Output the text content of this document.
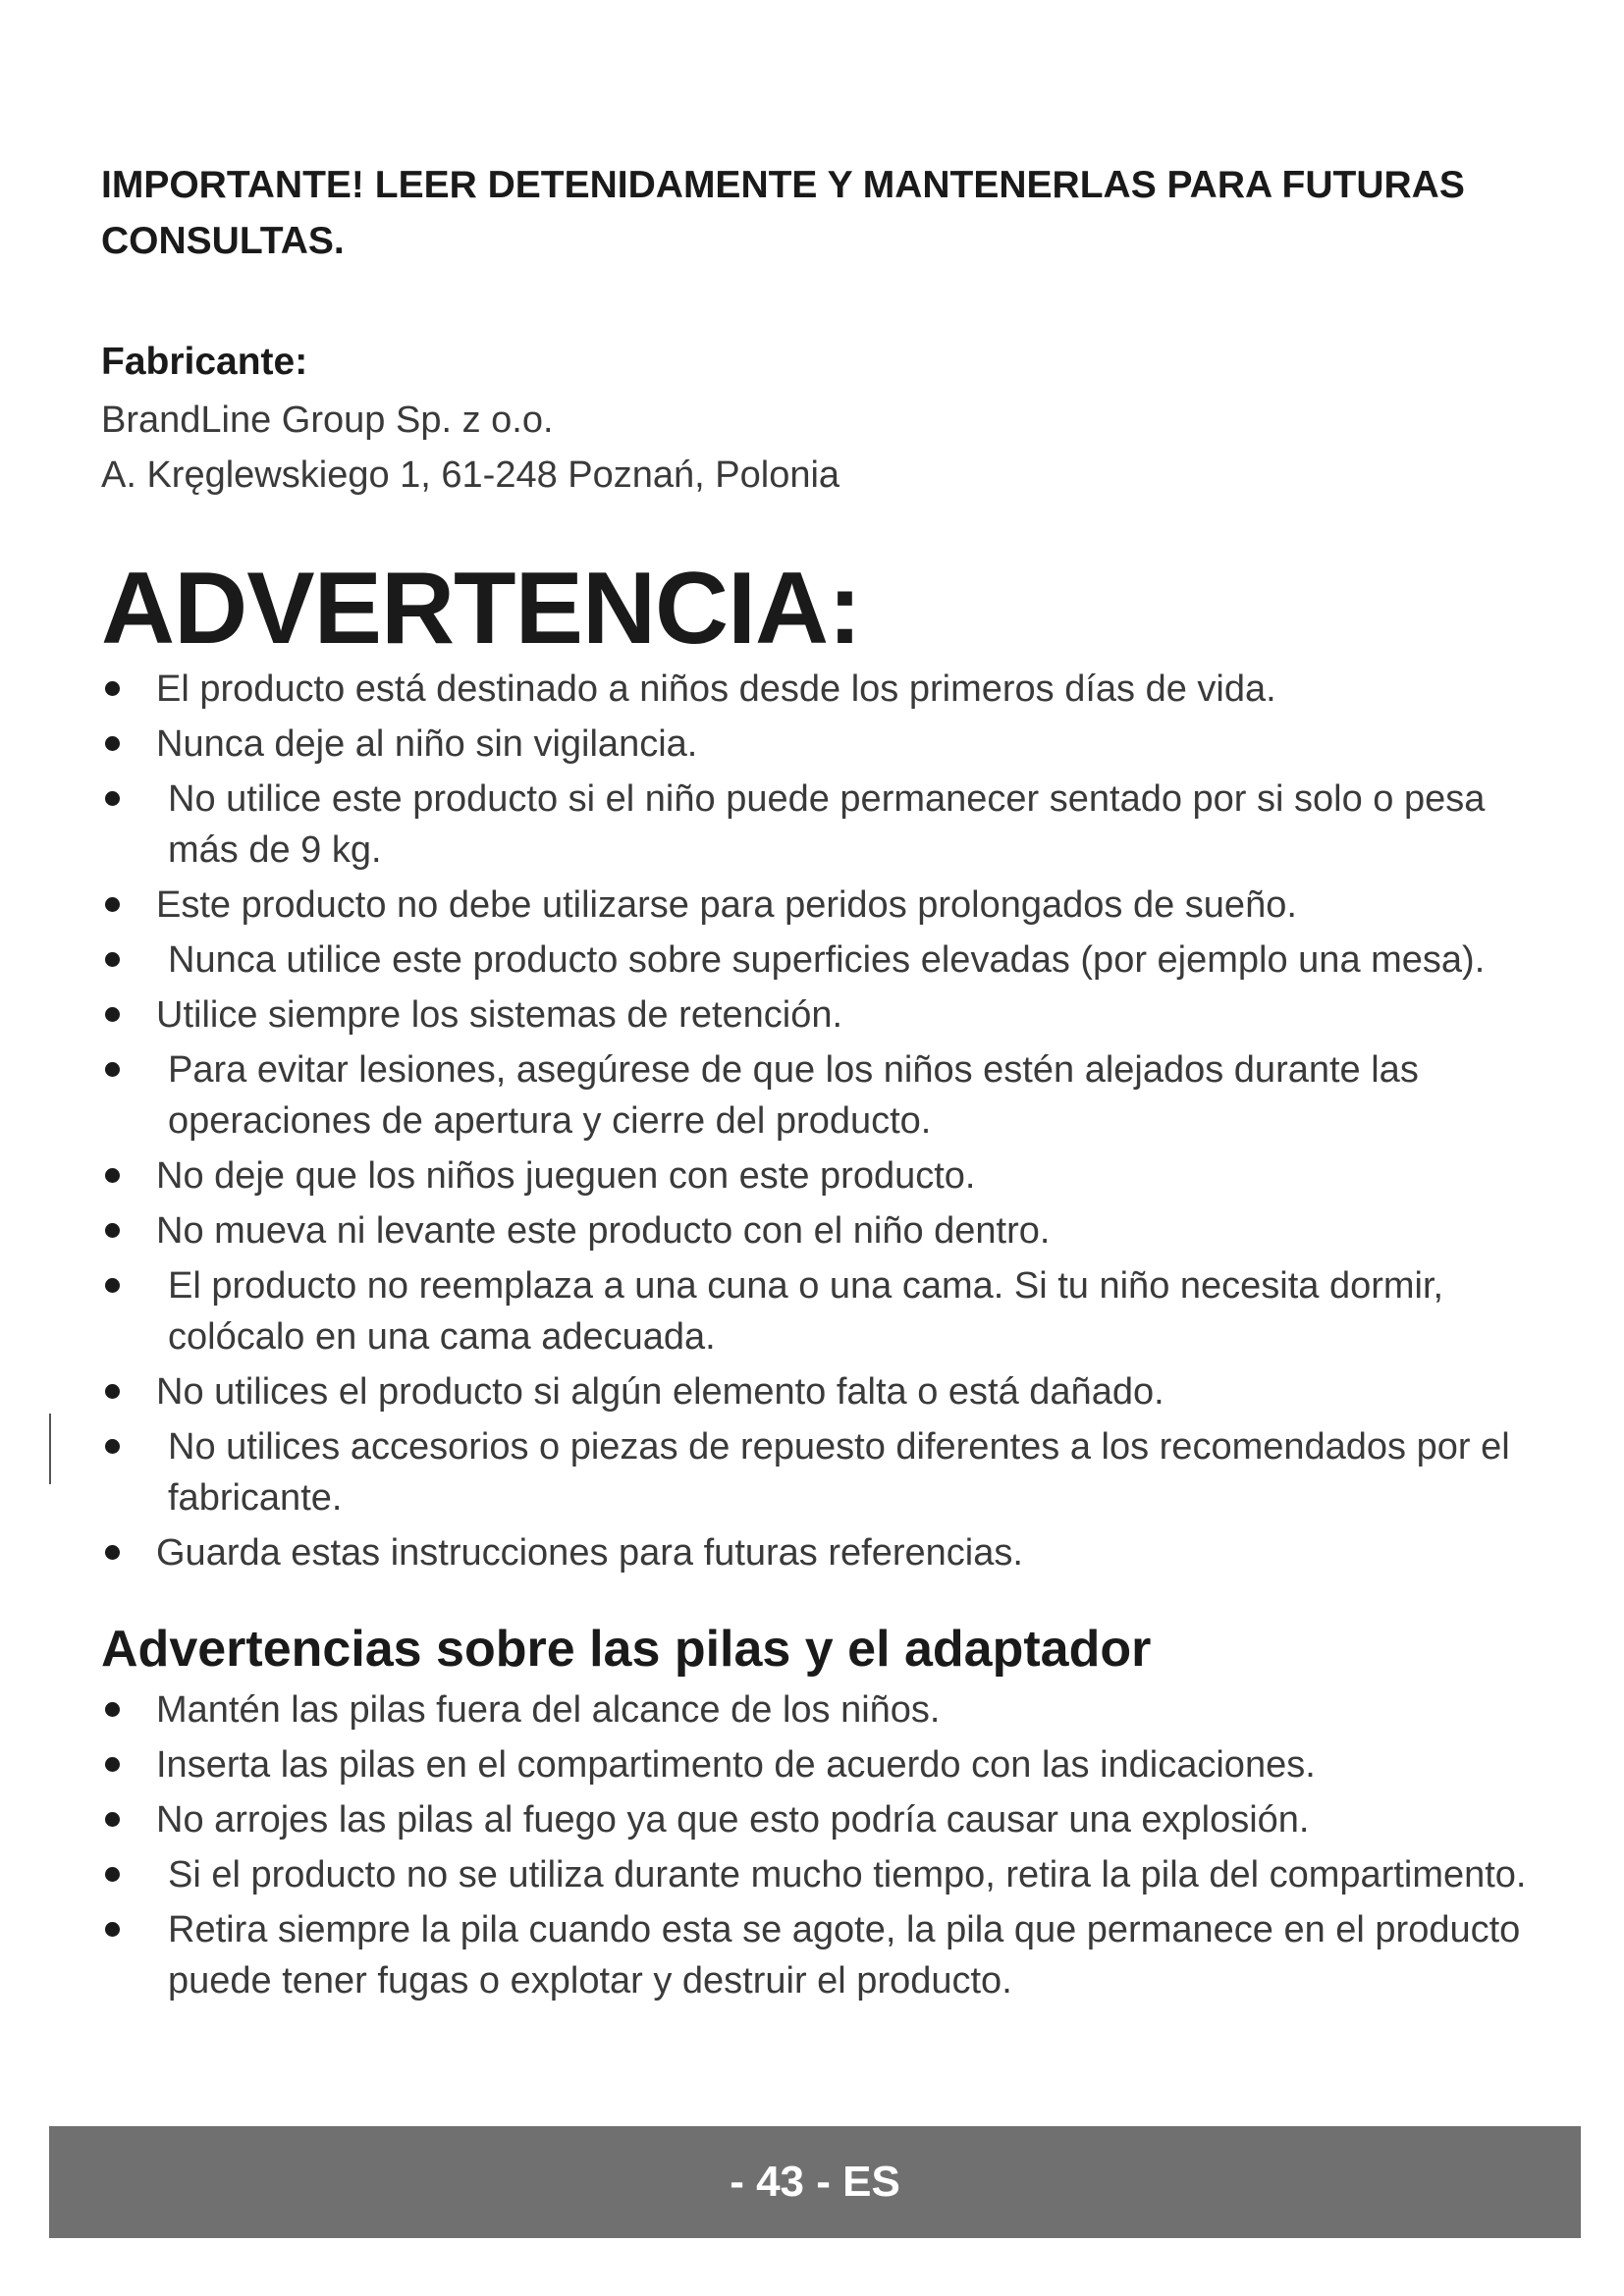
IMPORTANTE! LEER DETENIDAMENTE Y MANTENERLAS PARA FUTURAS CONSULTAS.

Fabricante:

BrandLine Group Sp. z o.o.

A. Kręglewskiego 1, 61-248 Poznań, Polonia

ADVERTENCIA:
El producto está destinado a niños desde los primeros días de vida.
Nunca deje al niño sin vigilancia.
No utilice este producto si el niño puede permanecer sentado por si solo o pesa más de 9 kg.
Este producto no debe utilizarse para peridos prolongados de sueño.
Nunca utilice este producto sobre superficies elevadas (por ejemplo una mesa).
Utilice siempre los sistemas de retención.
Para evitar lesiones, asegúrese de que los niños estén alejados durante las operaciones de apertura y cierre del producto.
No deje que los niños jueguen con este producto.
No mueva ni levante este producto con el niño dentro.
El producto no reemplaza a una cuna o una cama. Si tu niño necesita dormir, colócalo en una cama adecuada.
No utilices el producto si algún elemento falta o está dañado.
No utilices accesorios o piezas de repuesto diferentes a los recomendados por el fabricante.
Guarda estas instrucciones para futuras referencias.
Advertencias sobre las pilas y el adaptador
Mantén las pilas fuera del alcance de los niños.
Inserta las pilas en el compartimento de acuerdo con las indicaciones.
No arrojes las pilas al fuego ya que esto podría causar una explosión.
Si el producto no se utiliza durante mucho tiempo, retira la pila del compartimento.
Retira siempre la pila cuando esta se agote, la pila que permanece en el producto puede tener fugas o explotar y destruir el producto.
- 43 - ES
